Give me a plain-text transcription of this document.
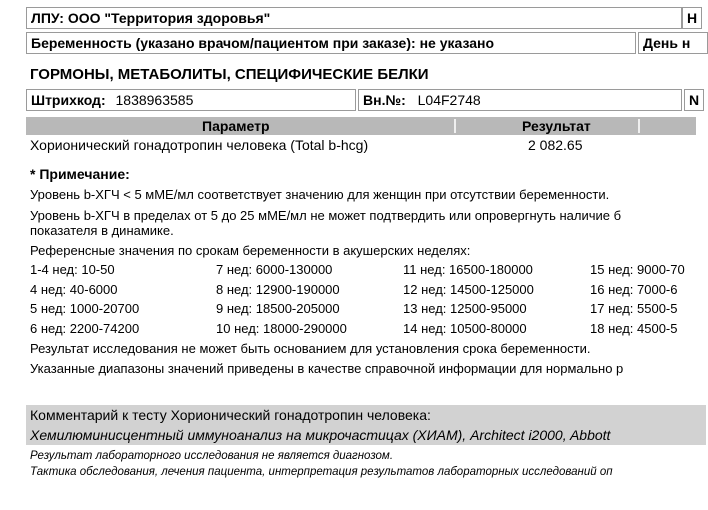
ЛПУ: ООО "Территория здоровья"	Н
Беременность (указано врачом/пациентом при заказе): не указано	День н
ГОРМОНЫ, МЕТАБОЛИТЫ, СПЕЦИФИЧЕСКИЕ БЕЛКИ
Штрихкод: 1838963585	Вн.№: L04F2748	N
Параметр	Результат
Хорионический гонадотропин человека (Total b-hcg)	2 082.65
* Примечание:
Уровень b-ХГЧ < 5 мМЕ/мл соответствует значению для женщин при отсутствии беременности.
Уровень b-ХГЧ в пределах от 5 до 25 мМЕ/мл не может подтвердить или опровергнуть наличие б
показателя в динамике.
Референсные значения по срокам беременности в акушерских неделях:
1-4 нед: 10-50	7 нед: 6000-130000	11 нед: 16500-180000	15 нед: 9000-70
4 нед: 40-6000	8 нед: 12900-190000	12 нед: 14500-125000	16 нед: 7000-6
5 нед: 1000-20700	9 нед: 18500-205000	13 нед: 12500-95000	17 нед: 5500-5
6 нед: 2200-74200	10 нед: 18000-290000	14 нед: 10500-80000	18 нед: 4500-5
Результат исследования не может быть основанием для установления срока беременности.
Указанные диапазоны значений приведены в качестве справочной информации для нормально р
Комментарий к тесту Хорионический гонадотропин человека:
Хемилюминисцентный иммуноанализ на микрочастицах (ХИАМ), Architect i2000, Abbott
Результат лабораторного исследования не является диагнозом.
Тактика обследования, лечения пациента, интерпретация результатов лабораторных исследований оп
